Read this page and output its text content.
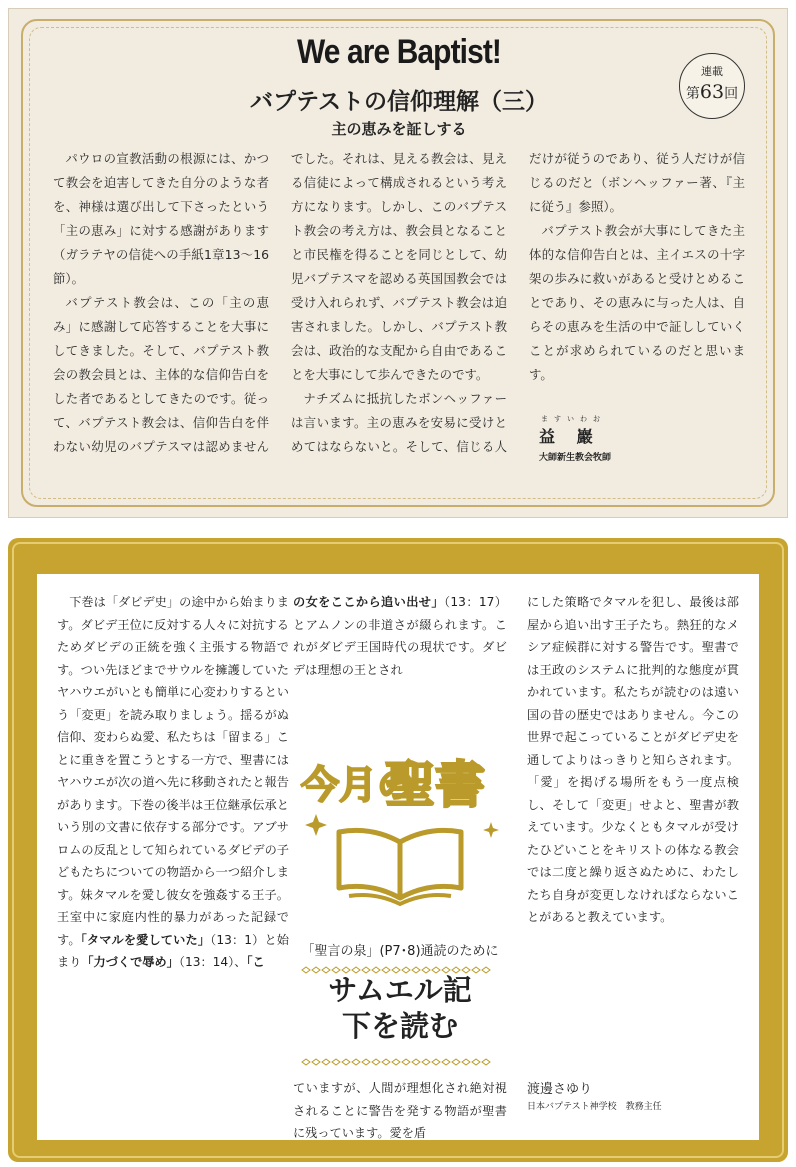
We are Baptist!
バプテストの信仰理解（三）
主の恵みを証しする
連載
第63回

パウロの宣教活動の根源には、かつて教会を迫害してきた自分のような者を、神様は選び出して下さったという「主の恵み」に対する感謝があります（ガラテヤの信徒への手紙1章13〜16節）。

バプテスト教会は、この「主の恵み」に感謝して応答することを大事にしてきました。そして、バプテスト教会の教会員とは、主体的な信仰告白をした者であるとしてきたのです。従って、バプテスト教会は、信仰告白を伴わない幼児のバプテスマは認めませんでした。それは、見える教会は、見える信徒によって構成されるという考え方になります。しかし、このバプテスト教会の考え方は、教会員となることと市民権を得ることを同じとして、幼児バプテスマを認める英国国教会では受け入れられず、バプテスト教会は迫害されました。しかし、バプテスト教会は、政治的な支配から自由であることを大事にして歩んできたのです。

ナチズムに抵抗したボンヘッファーは言います。主の恵みを安易に受けとめてはならないと。そして、信じる人だけが従うのであり、従う人だけが信じるのだと（ボンヘッファー著、『主に従う』参照）。

バプテスト教会が大事にしてきた主体的な信仰告白とは、主イエスの十字架の歩みに救いがあると受けとめることであり、その恵みに与った人は、自らその恵みを生活の中で証ししていくことが求められているのだと思います。

ますいわお
益 巖
大師新生教会牧師

下巻は「ダビデ史」の途中から始まります。ダビデ王位に反対する人々に対抗するためダビデの正統を強く主張する物語です。つい先ほどまでサウルを擁護していたヤハウエがいとも簡単に心変わりするという「変更」を読み取りましょう。揺るがぬ信仰、変わらぬ愛、私たちは「留まる」ことに重きを置こうとする一方で、聖書にはヤハウエが次の道へ先に移動されたと報告があります。下巻の後半は王位継承伝承という別の文書に依存する部分です。アブサロムの反乱として知られているダビデの子どもたちについての物語から一つ紹介します。妹タマルを愛し彼女を強姦する王子。王室中に家庭内性的暴力があった記録です。「タマルを愛していた」（13：1）と始まり「力づくで辱め」（13：14）、「こ

の女をここから追い出せ」（13：17）とアムノンの非道さが綴られます。これがダビデ王国時代の現状です。ダビデは理想の王とされ

今月の
聖書

「聖言の泉」(P7･8)通読のために

サムエル記
下を読む

ていますが、人間が理想化され絶対視されることに警告を発する物語が聖書に残っています。愛を盾

にした策略でタマルを犯し、最後は部屋から追い出す王子たち。熱狂的なメシア症候群に対する警告です。聖書では王政のシステムに批判的な態度が貫かれています。私たちが読むのは遠い国の昔の歴史ではありません。今この世界で起こっていることがダビデ史を通してよりはっきりと知らされます。「愛」を掲げる場所をもう一度点検し、そして「変更」せよと、聖書が教えています。少なくともタマルが受けたひどいことをキリストの体なる教会では二度と繰り返さぬために、わたしたち自身が変更しなければならないことがあると教えています。

渡邊さゆり
日本バプテスト神学校　教務主任
